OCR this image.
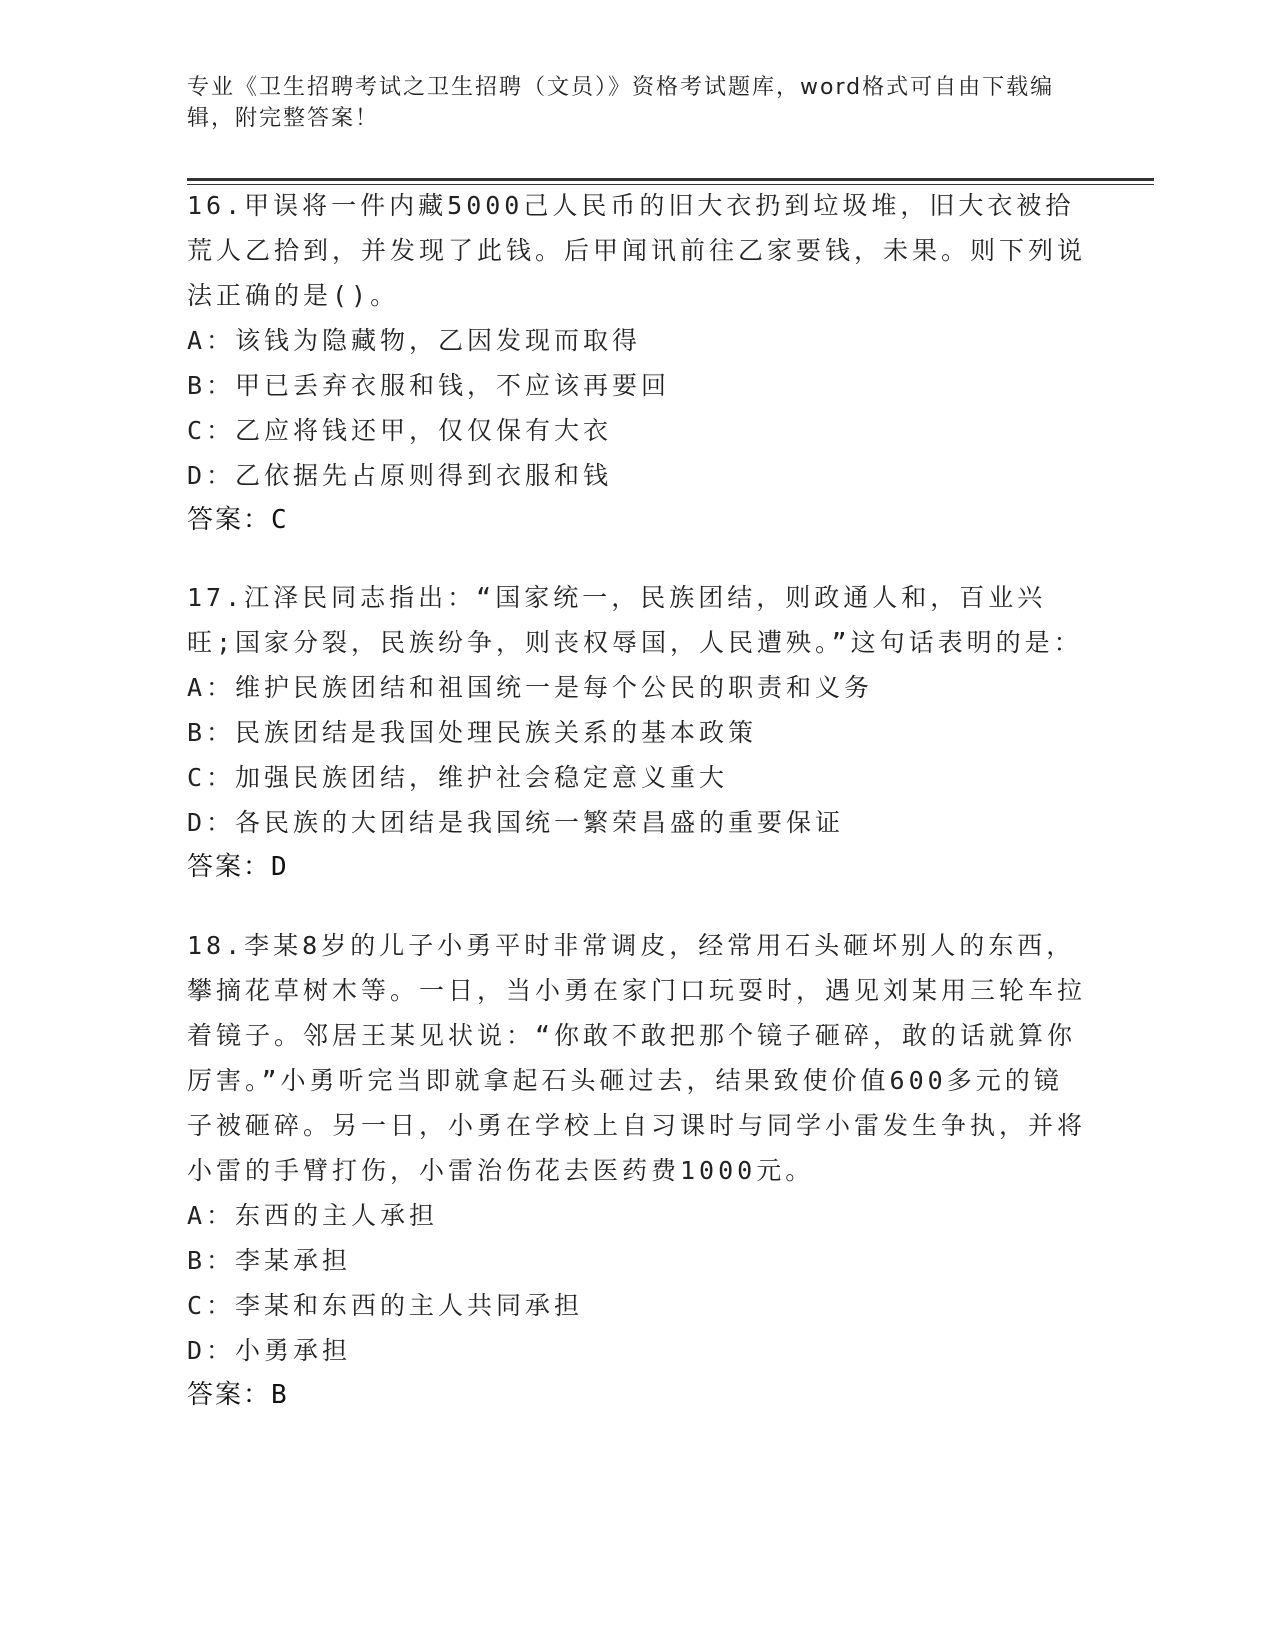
专业《卫生招聘考试之卫生招聘（文员）》资格考试题库，word格式可自由下载编辑，附完整答案！
16.甲误将一件内藏5000己人民币的旧大衣扔到垃圾堆，旧大衣被拾荒人乙拾到，并发现了此钱。后甲闻讯前往乙家要钱，未果。则下列说法正确的是()。
A：该钱为隐藏物，乙因发现而取得
B：甲已丢弃衣服和钱，不应该再要回
C：乙应将钱还甲，仅仅保有大衣
D：乙依据先占原则得到衣服和钱
答案：C
17.江泽民同志指出：“国家统一，民族团结，则政通人和，百业兴旺;国家分裂，民族纷争，则丧权辱国，人民遭殃。”这句话表明的是：
A：维护民族团结和祖国统一是每个公民的职责和义务
B：民族团结是我国处理民族关系的基本政策
C：加强民族团结，维护社会稳定意义重大
D：各民族的大团结是我国统一繁荣昌盛的重要保证
答案：D
18.李某8岁的儿子小勇平时非常调皮，经常用石头砸坏别人的东西，攀摘花草树木等。一日，当小勇在家门口玩耍时，遇见刘某用三轮车拉着镜子。邻居王某见状说：“你敢不敢把那个镜子砸碎，敢的话就算你厉害。”小勇听完当即就拿起石头砸过去，结果致使价值600多元的镜子被砸碎。另一日，小勇在学校上自习课时与同学小雷发生争执，并将小雷的手臂打伤，小雷治伤花去医药费1000元。
A：东西的主人承担
B：李某承担
C：李某和东西的主人共同承担
D：小勇承担
答案：B
